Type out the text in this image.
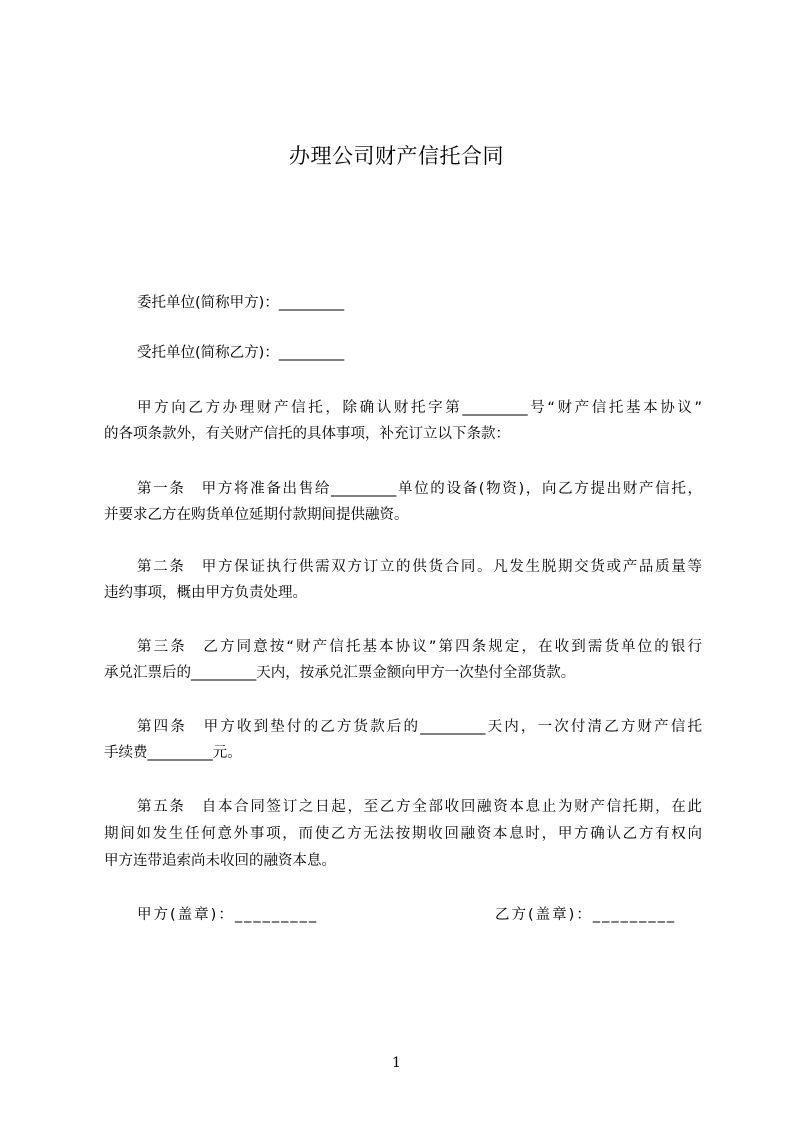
办理公司财产信托合同
委托单位(简称甲方)：_________
受托单位(简称乙方)：_________
甲方向乙方办理财产信托，除确认财托字第_________号“财产信托基本协议”
的各项条款外，有关财产信托的具体事项，补充订立以下条款：
第一条　甲方将准备出售给_________单位的设备(物资)，向乙方提出财产信托，
并要求乙方在购货单位延期付款期间提供融资。
第二条　甲方保证执行供需双方订立的供货合同。凡发生脱期交货或产品质量等
违约事项，概由甲方负责处理。
第三条　乙方同意按“财产信托基本协议”第四条规定，在收到需货单位的银行
承兑汇票后的_________天内，按承兑汇票金额向甲方一次垫付全部货款。
第四条　甲方收到垫付的乙方货款后的_________天内，一次付清乙方财产信托
手续费_________元。
第五条　自本合同签订之日起，至乙方全部收回融资本息止为财产信托期，在此
期间如发生任何意外事项，而使乙方无法按期收回融资本息时，甲方确认乙方有权向
甲方连带追索尚未收回的融资本息。
甲方(盖章)：_________	乙方(盖章)：_________
1
